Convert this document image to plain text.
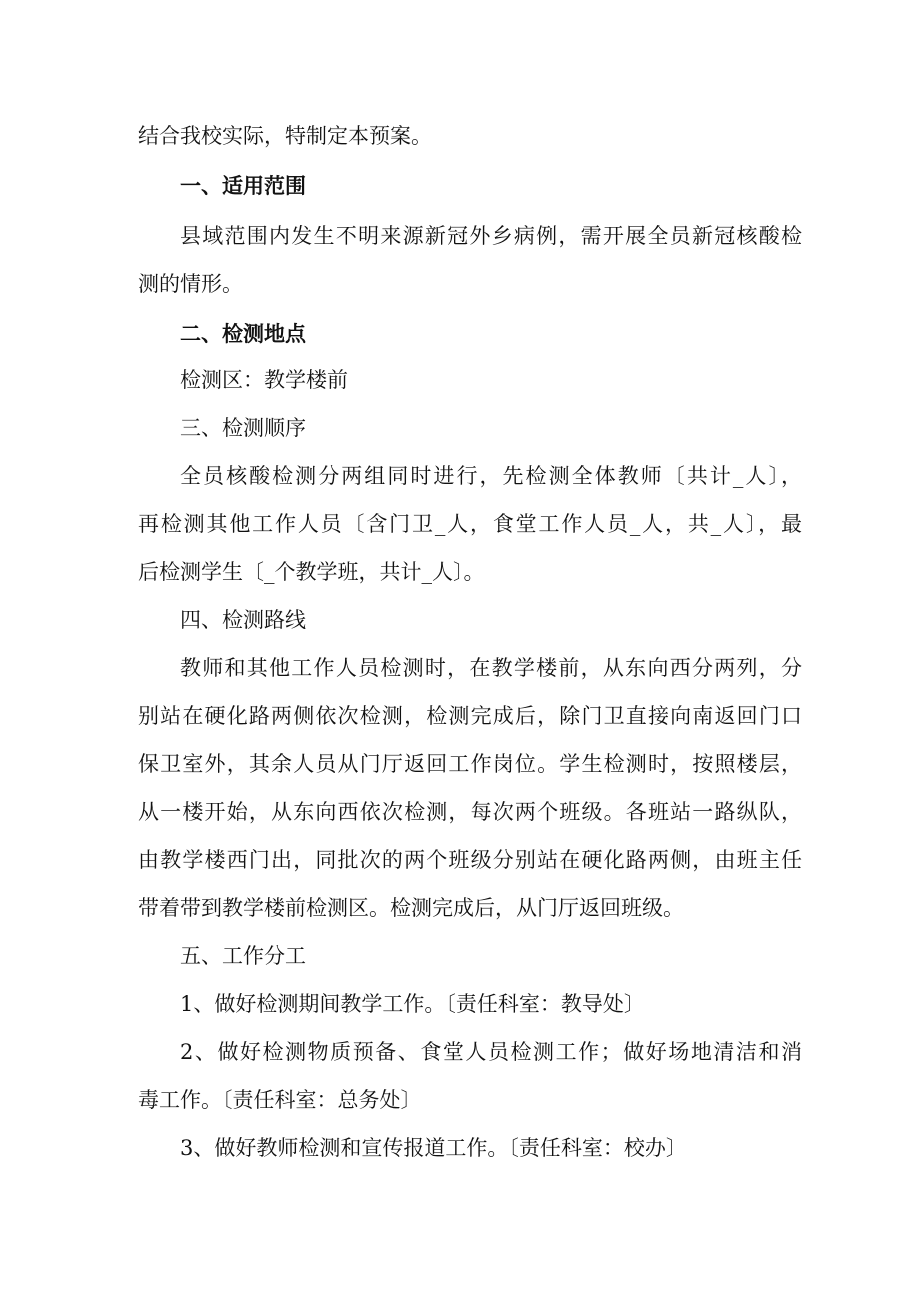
结合我校实际，特制定本预案。

一、适用范围

县域范围内发生不明来源新冠外乡病例，需开展全员新冠核酸检

测的情形。

二、检测地点

检测区：教学楼前

三、检测顺序

全员核酸检测分两组同时进行，先检测全体教师〔共计_人〕，

再检测其他工作人员〔含门卫_人，食堂工作人员_人，共_人〕，最

后检测学生〔_个教学班，共计_人〕。

四、检测路线

教师和其他工作人员检测时，在教学楼前，从东向西分两列，分

别站在硬化路两侧依次检测，检测完成后，除门卫直接向南返回门口

保卫室外，其余人员从门厅返回工作岗位。学生检测时，按照楼层，

从一楼开始，从东向西依次检测，每次两个班级。各班站一路纵队，

由教学楼西门出，同批次的两个班级分别站在硬化路两侧，由班主任

带着带到教学楼前检测区。检测完成后，从门厅返回班级。

五、工作分工

1、做好检测期间教学工作。〔责任科室：教导处〕

2、做好检测物质预备、食堂人员检测工作；做好场地清洁和消

毒工作。〔责任科室：总务处〕

3、做好教师检测和宣传报道工作。〔责任科室：校办〕
